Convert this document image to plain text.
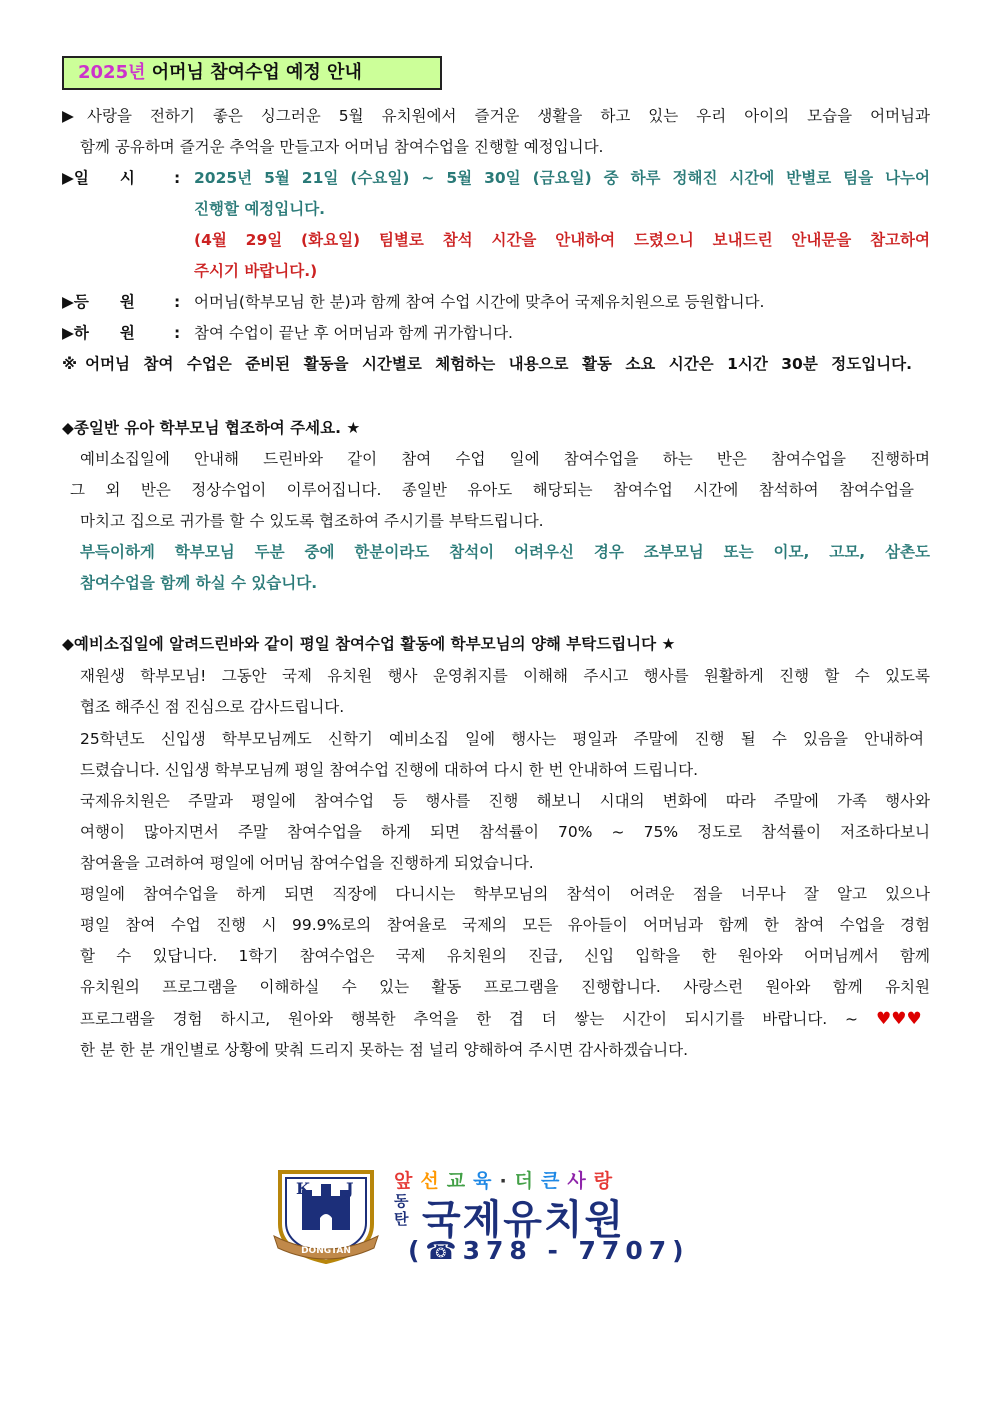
2025년 어머님 참여수업 예정 안내
▶사랑을 전하기 좋은 싱그러운 5월 유치원에서 즐거운 생활을 하고 있는 우리 아이의 모습을 어머님과
함께 공유하며 즐거운 추억을 만들고자 어머님 참여수업을 진행할 예정입니다.
▶일　　시	: 2025년 5월 21일 (수요일) ~ 5월 30일 (금요일) 중 하루 정해진 시간에 반별로 팀을 나누어
진행할 예정입니다.
(4월 29일 (화요일) 팀별로 참석 시간을 안내하여 드렸으니 보내드린 안내문을 참고하여
주시기 바랍니다.)
▶등　　원	: 어머님(학부모님 한 분)과 함께 참여 수업 시간에 맞추어 국제유치원으로 등원합니다.
▶하　　원	: 참여 수업이 끝난 후 어머님과 함께 귀가합니다.
※어머님 참여 수업은 준비된 활동을 시간별로 체험하는 내용으로 활동 소요 시간은 1시간 30분 정도입니다.
◆종일반 유아 학부모님 협조하여 주세요. ★
예비소집일에 안내해 드린바와 같이 참여 수업 일에 참여수업을 하는 반은 참여수업을 진행하며
그 외 반은 정상수업이 이루어집니다. 종일반 유아도 해당되는 참여수업 시간에 참석하여 참여수업을
마치고 집으로 귀가를 할 수 있도록 협조하여 주시기를 부탁드립니다.
부득이하게 학부모님 두분 중에 한분이라도 참석이 어려우신 경우 조부모님 또는 이모, 고모, 삼촌도
참여수업을 함께 하실 수 있습니다.
◆예비소집일에 알려드린바와 같이 평일 참여수업 활동에 학부모님의 양해 부탁드립니다 ★
재원생 학부모님! 그동안 국제 유치원 행사 운영취지를 이해해 주시고 행사를 원활하게 진행 할 수 있도록
협조 해주신 점 진심으로 감사드립니다.
25학년도 신입생 학부모님께도 신학기 예비소집 일에 행사는 평일과 주말에 진행 될 수 있음을 안내하여
드렸습니다. 신입생 학부모님께 평일 참여수업 진행에 대하여 다시 한 번 안내하여 드립니다.
국제유치원은 주말과 평일에 참여수업 등 행사를 진행 해보니 시대의 변화에 따라 주말에 가족 행사와
여행이 많아지면서 주말 참여수업을 하게 되면 참석률이 70% ~ 75% 정도로 참석률이 저조하다보니
참여율을 고려하여 평일에 어머님 참여수업을 진행하게 되었습니다.
평일에 참여수업을 하게 되면 직장에 다니시는 학부모님의 참석이 어려운 점을 너무나 잘 알고 있으나
평일 참여 수업 진행 시 99.9%로의 참여율로 국제의 모든 유아들이 어머님과 함께 한 참여 수업을 경험
할 수 있답니다. 1학기 참여수업은 국제 유치원의 진급, 신입 입학을 한 원아와 어머님께서 함께
유치원의 프로그램을 이해하실 수 있는 활동 프로그램을 진행합니다. 사랑스런 원아와 함께 유치원
프로그램을 경험 하시고, 원아와 행복한 추억을 한 겹 더 쌓는 시간이 되시기를 바랍니다. ~ ♥♥♥
한 분 한 분 개인별로 상황에 맞춰 드리지 못하는 점 널리 양해하여 주시면 감사하겠습니다.
K J
DONGTAN
앞 선 교 육 · 더 큰 사 랑
동탄 국제유치원
(☎378 - 7707)
